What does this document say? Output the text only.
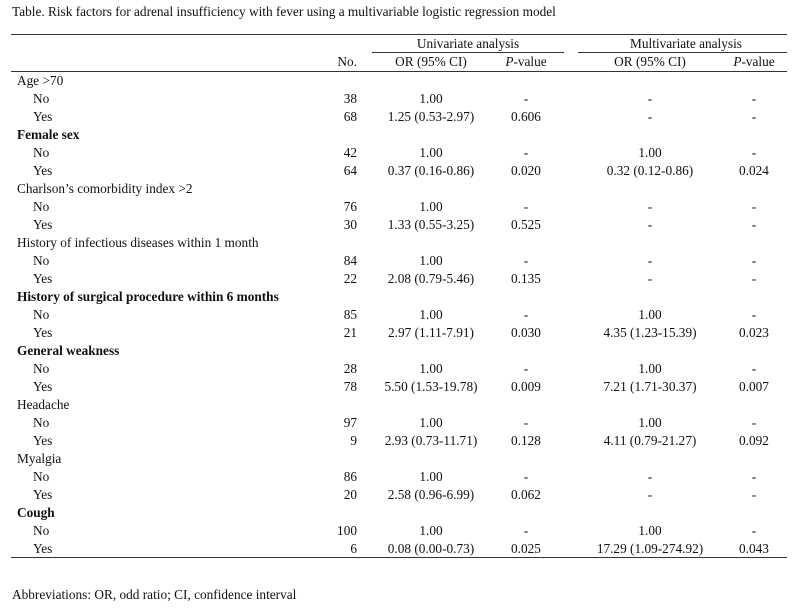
Table. Risk factors for adrenal insufficiency with fever using a multivariable logistic regression model
Univariate analysis	Multivariate analysis
No.	OR (95% CI)	P-value	OR (95% CI)	P-value
Age >70
No	38	1.00	-	-	-
Yes	68	1.25 (0.53-2.97)	0.606	-	-
Female sex
No	42	1.00	-	1.00	-
Yes	64	0.37 (0.16-0.86)	0.020	0.32 (0.12-0.86)	0.024
Charlson’s comorbidity index >2
No	76	1.00	-	-	-
Yes	30	1.33 (0.55-3.25)	0.525	-	-
History of infectious diseases within 1 month
No	84	1.00	-	-	-
Yes	22	2.08 (0.79-5.46)	0.135	-	-
History of surgical procedure within 6 months
No	85	1.00	-	1.00	-
Yes	21	2.97 (1.11-7.91)	0.030	4.35 (1.23-15.39)	0.023
General weakness
No	28	1.00	-	1.00	-
Yes	78	5.50 (1.53-19.78)	0.009	7.21 (1.71-30.37)	0.007
Headache
No	97	1.00	-	1.00	-
Yes	9	2.93 (0.73-11.71)	0.128	4.11 (0.79-21.27)	0.092
Myalgia
No	86	1.00	-	-	-
Yes	20	2.58 (0.96-6.99)	0.062	-	-
Cough
No	100	1.00	-	1.00	-
Yes	6	0.08 (0.00-0.73)	0.025	17.29 (1.09-274.92)	0.043
Abbreviations: OR, odd ratio; CI, confidence interval
